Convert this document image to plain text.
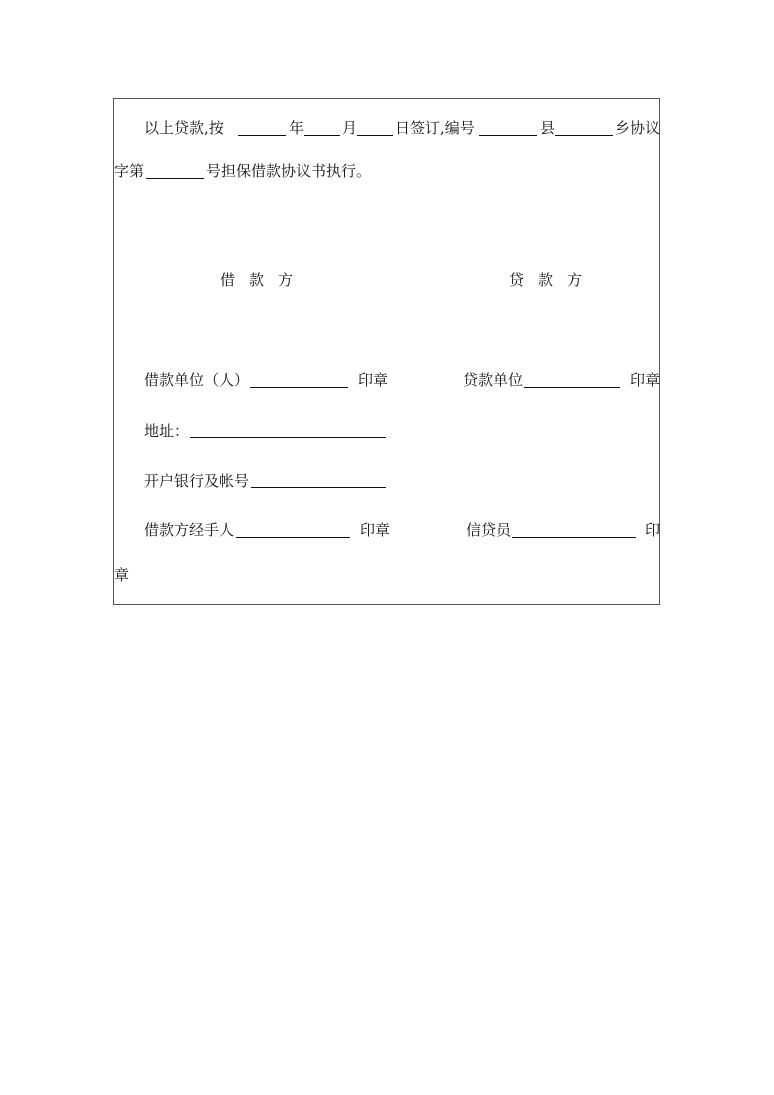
以上贷款,按	年	月	日签订,编号	县	乡协议
字第	号担保借款协议书执行。
借款方	贷款方
借款单位（人）	印章	贷款单位	印章
地址：
开户银行及帐号
借款方经手人	印章	信贷员	印
章
